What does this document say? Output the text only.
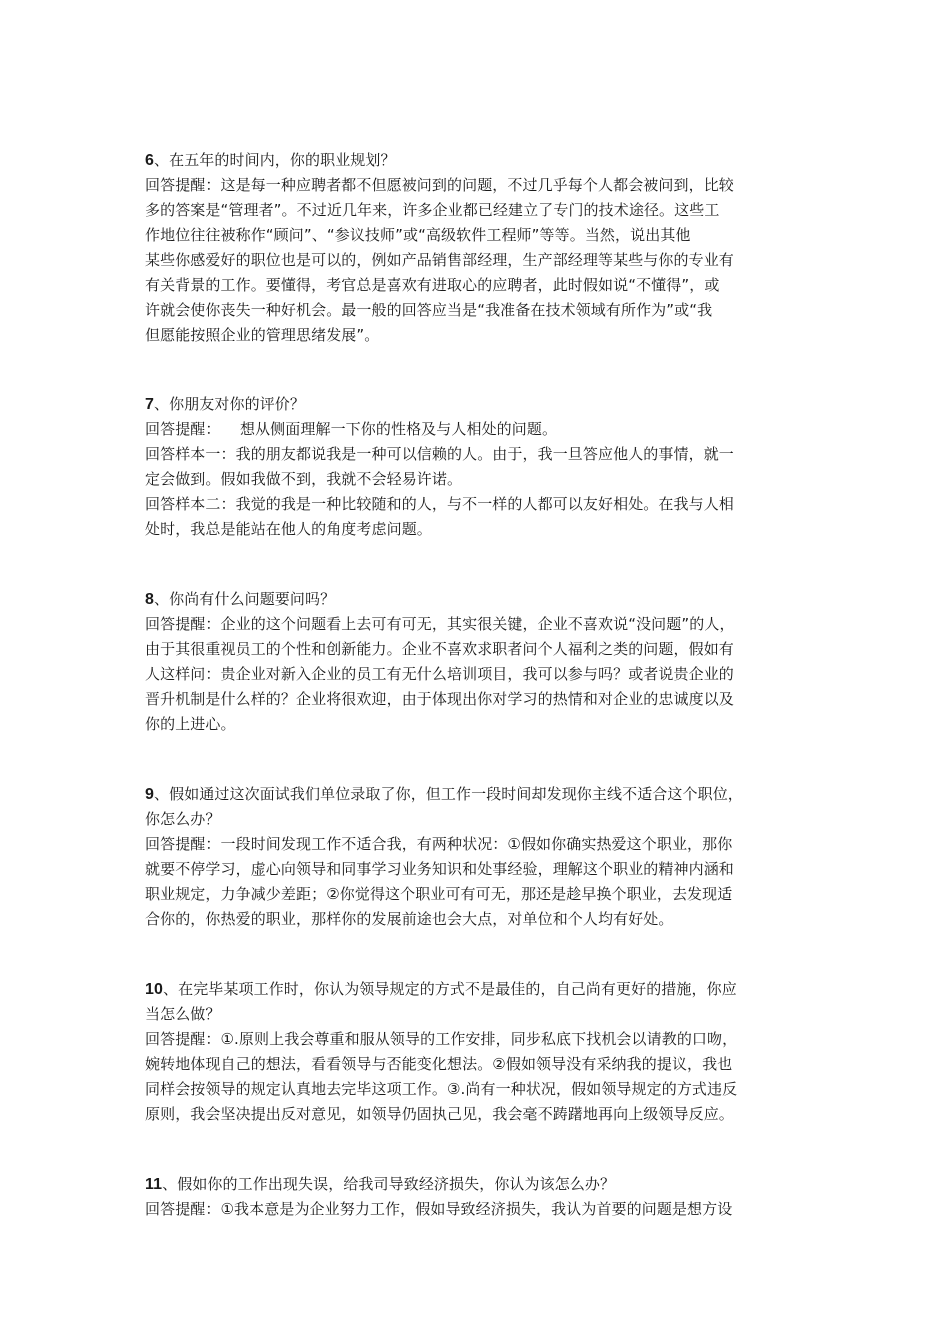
6、在五年的时间内，你的职业规划？
回答提醒：这是每一种应聘者都不但愿被问到的问题，不过几乎每个人都会被问到，比较
多的答案是“管理者”。不过近几年来，许多企业都已经建立了专门的技术途径。这些工
作地位往往被称作“顾问”、“参议技师”或“高级软件工程师”等等。当然，说出其他
某些你感爱好的职位也是可以的，例如产品销售部经理，生产部经理等某些与你的专业有
有关背景的工作。要懂得，考官总是喜欢有进取心的应聘者，此时假如说“不懂得”，或
许就会使你丧失一种好机会。最一般的回答应当是“我准备在技术领域有所作为”或“我
但愿能按照企业的管理思绪发展”。
7、你朋友对你的评价？
回答提醒：    想从侧面理解一下你的性格及与人相处的问题。
回答样本一：我的朋友都说我是一种可以信赖的人。由于，我一旦答应他人的事情，就一
定会做到。假如我做不到，我就不会轻易许诺。
回答样本二：我觉的我是一种比较随和的人，与不一样的人都可以友好相处。在我与人相
处时，我总是能站在他人的角度考虑问题。
8、你尚有什么问题要问吗？
回答提醒：企业的这个问题看上去可有可无，其实很关键，企业不喜欢说“没问题”的人，
由于其很重视员工的个性和创新能力。企业不喜欢求职者问个人福利之类的问题，假如有
人这样问：贵企业对新入企业的员工有无什么培训项目，我可以参与吗？或者说贵企业的
晋升机制是什么样的？企业将很欢迎，由于体现出你对学习的热情和对企业的忠诚度以及
你的上进心。
9、假如通过这次面试我们单位录取了你，但工作一段时间却发现你主线不适合这个职位，
你怎么办？
回答提醒：一段时间发现工作不适合我，有两种状况：①假如你确实热爱这个职业，那你
就要不停学习，虚心向领导和同事学习业务知识和处事经验，理解这个职业的精神内涵和
职业规定，力争减少差距；②你觉得这个职业可有可无，那还是趁早换个职业，去发现适
合你的，你热爱的职业，那样你的发展前途也会大点，对单位和个人均有好处。
10、在完毕某项工作时，你认为领导规定的方式不是最佳的，自己尚有更好的措施，你应
当怎么做？
回答提醒：①.原则上我会尊重和服从领导的工作安排，同步私底下找机会以请教的口吻，
婉转地体现自己的想法，看看领导与否能变化想法。②假如领导没有采纳我的提议，我也
同样会按领导的规定认真地去完毕这项工作。③.尚有一种状况，假如领导规定的方式违反
原则，我会坚决提出反对意见，如领导仍固执己见，我会毫不踌躇地再向上级领导反应。
11、假如你的工作出现失误，给我司导致经济损失，你认为该怎么办？
回答提醒：①我本意是为企业努力工作，假如导致经济损失，我认为首要的问题是想方设
